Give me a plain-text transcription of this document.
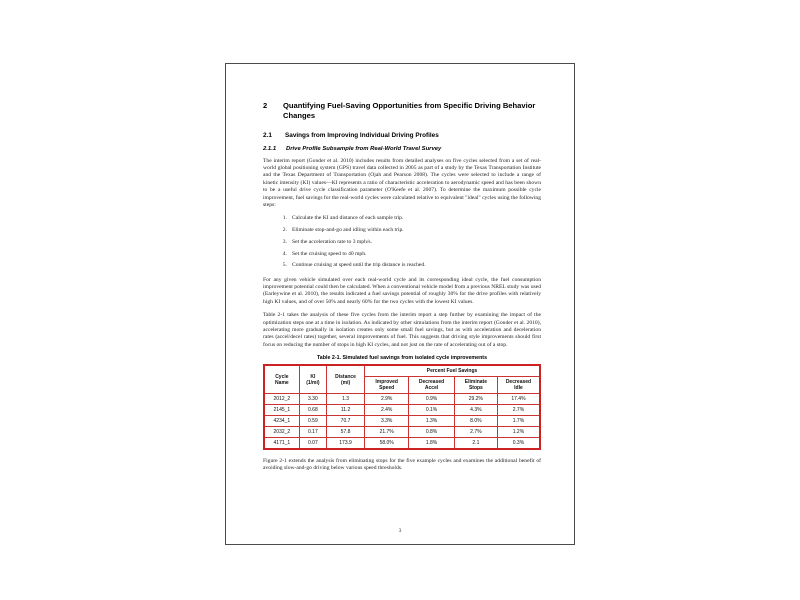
2	Quantifying Fuel-Saving Opportunities from Specific Driving Behavior Changes
2.1	Savings from Improving Individual Driving Profiles
2.1.1	Drive Profile Subsample from Real-World Travel Survey

The interim report (Gonder et al. 2010) includes results from detailed analyses on five cycles selected from a set of real-world global positioning system (GPS) travel data collected in 2005 as part of a study by the Texas Transportation Institute and the Texas Department of Transportation (Ojah and Pearson 2008). The cycles were selected to include a range of kinetic intensity (KI) values—KI represents a ratio of characteristic acceleration to aerodynamic speed and has been shown to be a useful drive cycle classification parameter (O'Keefe et al. 2007). To determine the maximum possible cycle improvement, fuel savings for the real-world cycles were calculated relative to equivalent "ideal" cycles using the following steps:

1. Calculate the KI and distance of each sample trip.
2. Eliminate stop-and-go and idling within each trip.
3. Set the acceleration rate to 3 mph/s.
4. Set the cruising speed to 40 mph.
5. Continue cruising at speed until the trip distance is reached.

For any given vehicle simulated over each real-world cycle and its corresponding ideal cycle, the fuel consumption improvement potential could then be calculated. When a conventional vehicle model from a previous NREL study was used (Earleywine et al. 2010), the results indicated a fuel savings potential of roughly 30% for the drive profiles with relatively high KI values, and of over 50% and nearly 60% for the two cycles with the lowest KI values.

Table 2-1 takes the analysis of these five cycles from the interim report a step further by examining the impact of the optimization steps one at a time in isolation. As indicated by other simulations from the interim report (Gonder et al. 2010), accelerating more gradually in isolation creates only some small fuel savings, but as with acceleration and deceleration rates (accel/decel rates) together, several improvements of fuel. This suggests that driving style improvements should first focus on reducing the number of stops in high KI cycles, and not just on the rate of accelerating out of a stop.

Table 2-1. Simulated fuel savings from isolated cycle improvements
Cycle Name	KI (1/mi)	Distance (mi)	Percent Fuel Savings			
			Improved Speed	Decreased Accel	Eliminate Stops	Decreased Idle
2012_2	3.30	1.3	2.9%	0.9%	29.2%	17.4%
2145_1	0.68	11.2	2.4%	0.1%	4.3%	2.7%
4234_1	0.59	70.7	3.3%	1.3%	8.0%	1.7%
2032_2	0.17	57.8	21.7%	0.8%	2.7%	1.2%
4171_1	0.07	173.9	58.0%	1.8%	2.1	0.3%

Figure 2-1 extends the analysis from eliminating stops for the five example cycles and examines the additional benefit of avoiding slow-and-go driving below various speed thresholds.

3
